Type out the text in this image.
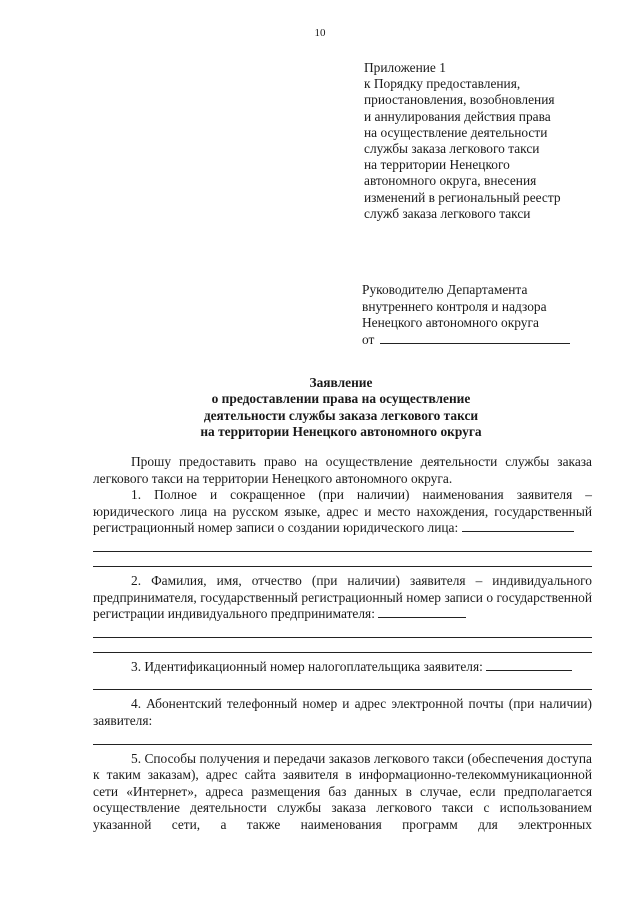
10
Приложение 1
к Порядку предоставления,
приостановления, возобновления
и аннулирования действия права
на осуществление деятельности
службы заказа легкового такси
на территории Ненецкого
автономного округа, внесения
изменений в региональный реестр
служб заказа легкового такси
Руководителю Департамента
внутреннего контроля и надзора
Ненецкого автономного округа
от
Заявление
о предоставлении права на осуществление
деятельности службы заказа легкового такси
на территории Ненецкого автономного округа

Прошу предоставить право на осуществление деятельности службы заказа легкового такси на территории Ненецкого автономного округа.

1. Полное и сокращенное (при наличии) наименования заявителя – юридического лица на русском языке, адрес и место нахождения, государственный регистрационный номер записи о создании юридического лица:

2. Фамилия, имя, отчество (при наличии) заявителя – индивидуального предпринимателя, государственный регистрационный номер записи о государственной регистрации индивидуального предпринимателя:

3. Идентификационный номер налогоплательщика заявителя:

4. Абонентский телефонный номер и адрес электронной почты (при наличии) заявителя:

5. Способы получения и передачи заказов легкового такси (обеспечения доступа к таким заказам), адрес сайта заявителя в информационно-телекоммуникационной сети «Интернет», адреса размещения баз данных в случае, если предполагается осуществление деятельности службы заказа легкового такси с использованием указанной сети, а также наименования программ для электронных
